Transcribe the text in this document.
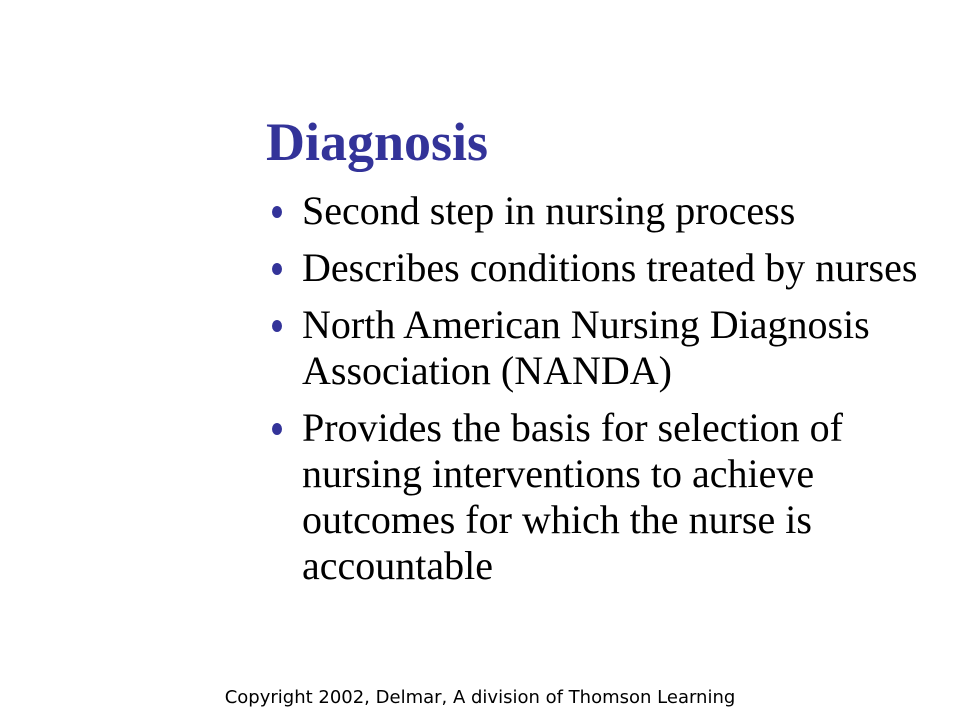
Diagnosis
Second step in nursing process
Describes conditions treated by nurses
North American Nursing Diagnosis Association (NANDA)
Provides the basis for selection of nursing interventions to achieve outcomes for which the nurse is accountable
Copyright 2002, Delmar, A division of Thomson Learning
